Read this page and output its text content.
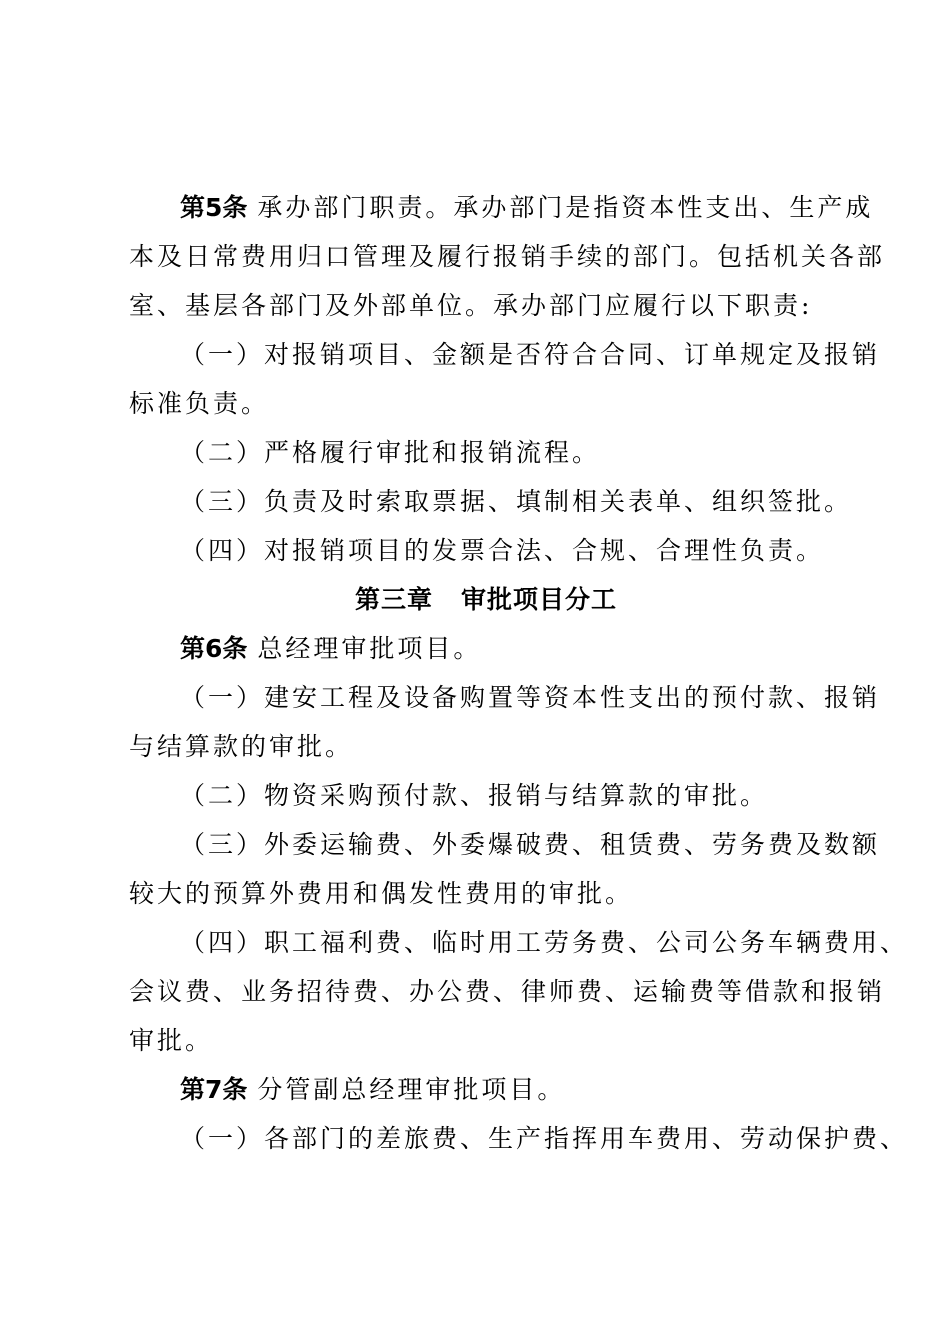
第5条 承办部门职责。承办部门是指资本性支出、生产成
本及日常费用归口管理及履行报销手续的部门。包括机关各部
室、基层各部门及外部单位。承办部门应履行以下职责:
（一）对报销项目、金额是否符合合同、订单规定及报销
标准负责。
（二）严格履行审批和报销流程。
（三）负责及时索取票据、填制相关表单、组织签批。
（四）对报销项目的发票合法、合规、合理性负责。
第三章 审批项目分工
第6条 总经理审批项目。
（一）建安工程及设备购置等资本性支出的预付款、报销
与结算款的审批。
（二）物资采购预付款、报销与结算款的审批。
（三）外委运输费、外委爆破费、租赁费、劳务费及数额
较大的预算外费用和偶发性费用的审批。
（四）职工福利费、临时用工劳务费、公司公务车辆费用、
会议费、业务招待费、办公费、律师费、运输费等借款和报销
审批。
第7条 分管副总经理审批项目。
（一）各部门的差旅费、生产指挥用车费用、劳动保护费、
